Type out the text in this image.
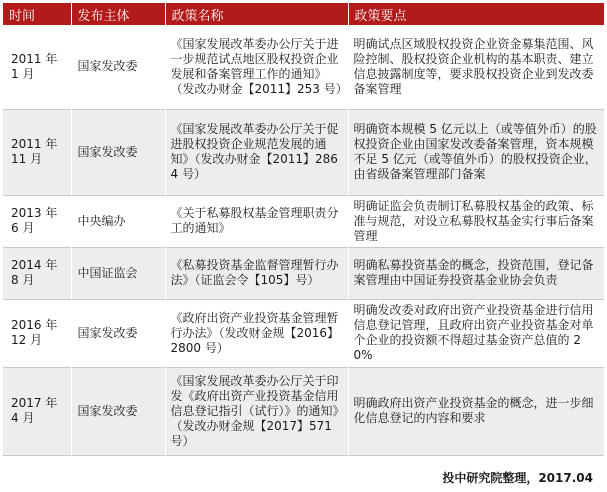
时间	发布主体	政策名称	政策要点
2011 年 1 月	国家发改委	《国家发展改革委办公厅关于进一步规范试点地区股权投资企业发展和备案管理工作的通知》（发改办财金【2011】253 号）	明确试点区域股权投资企业资金募集范围、风险控制、股权投资企业机构的基本职责、建立信息披露制度等，要求股权投资企业到发改委备案管理
2011 年 11 月	国家发改委	《国家发展改革委办公厅关于促进股权投资企业规范发展的通知》（发改办财金【2011】2864 号）	明确资本规模 5 亿元以上（或等值外币）的股权投资企业由国家发改委备案管理，资本规模不足 5 亿元（或等值外币）的股权投资企业，由省级备案管理部门备案
2013 年 6 月	中央编办	《关于私募股权基金管理职责分工的通知》	明确证监会负责制订私募股权基金的政策、标准与规范，对设立私募股权基金实行事后备案管理
2014 年 8 月	中国证监会	《私募投资基金监督管理暂行办法》（证监会令【105】号）	明确私募投资基金的概念，投资范围，登记备案管理由中国证券投资基金业协会负责
2016 年 12 月	国家发改委	《政府出资产业投资基金管理暂行办法》（发改财金规【2016】2800 号）	明确发改委对政府出资产业投资基金进行信用信息登记管理，且政府出资产业投资基金对单个企业的投资额不得超过基金资产总值的 20%
2017 年 4 月	国家发改委	《国家发展改革委办公厅关于印发《政府出资产业投资基金信用信息登记指引（试行）》的通知》（发改办财金规【2017】571 号）	明确政府出资产业投资基金的概念，进一步细化信息登记的内容和要求
投中研究院整理，2017.04
